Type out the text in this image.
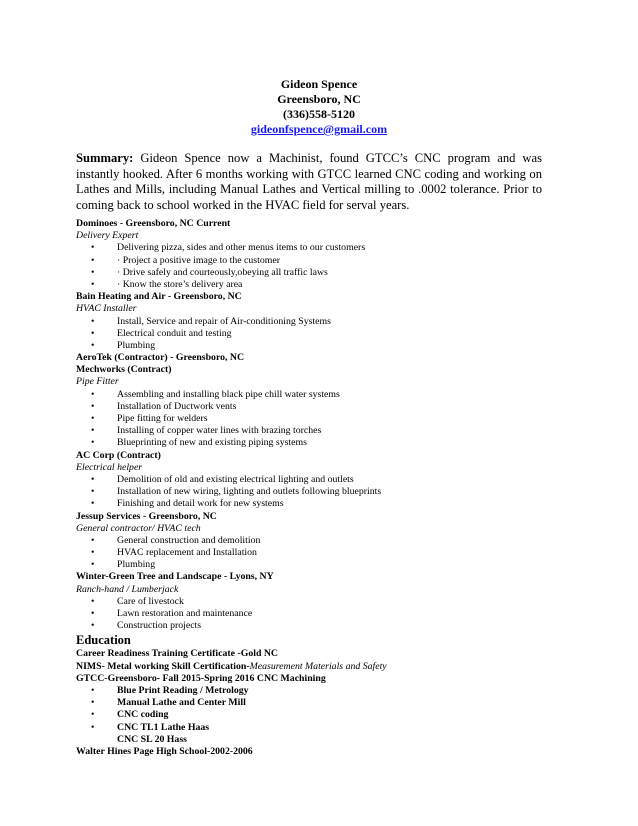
Gideon Spence
Greensboro, NC
(336)558-5120
gideonfspence@gmail.com
Summary: Gideon Spence now a Machinist, found GTCC’s CNC program and was instantly hooked. After 6 months working with GTCC learned CNC coding and working on Lathes and Mills, including Manual Lathes and Vertical milling to .0002 tolerance. Prior to coming back to school worked in the HVAC field for serval years.
Dominoes - Greensboro, NC Current
Delivery Expert
• Delivering pizza, sides and other menus items to our customers
• · Project a positive image to the customer
• · Drive safely and courteously,obeying all traffic laws
• · Know the store’s delivery area
Bain Heating and Air - Greensboro, NC
HVAC Installer
• Install, Service and repair of Air-conditioning Systems
• Electrical conduit and testing
• Plumbing
AeroTek (Contractor) - Greensboro, NC
Mechworks (Contract)
Pipe Fitter
• Assembling and installing black pipe chill water systems
• Installation of Ductwork vents
• Pipe fitting for welders
• Installing of copper water lines with brazing torches
• Blueprinting of new and existing piping systems
AC Corp (Contract)
Electrical helper
• Demolition of old and existing electrical lighting and outlets
• Installation of new wiring, lighting and outlets following blueprints
• Finishing and detail work for new systems
Jessup Services - Greensboro, NC
General contractor/ HVAC tech
• General construction and demolition
• HVAC replacement and Installation
• Plumbing
Winter-Green Tree and Landscape - Lyons, NY
Ranch-hand / Lumberjack
• Care of livestock
• Lawn restoration and maintenance
• Construction projects
Education
Career Readiness Training Certificate -Gold NC
NIMS- Metal working Skill Certification-Measurement Materials and Safety
GTCC-Greensboro- Fall 2015-Spring 2016 CNC Machining
• Blue Print Reading / Metrology
• Manual Lathe and Center Mill
• CNC coding
• CNC TL1 Lathe Haas
CNC SL 20 Hass
Walter Hines Page High School-2002-2006
